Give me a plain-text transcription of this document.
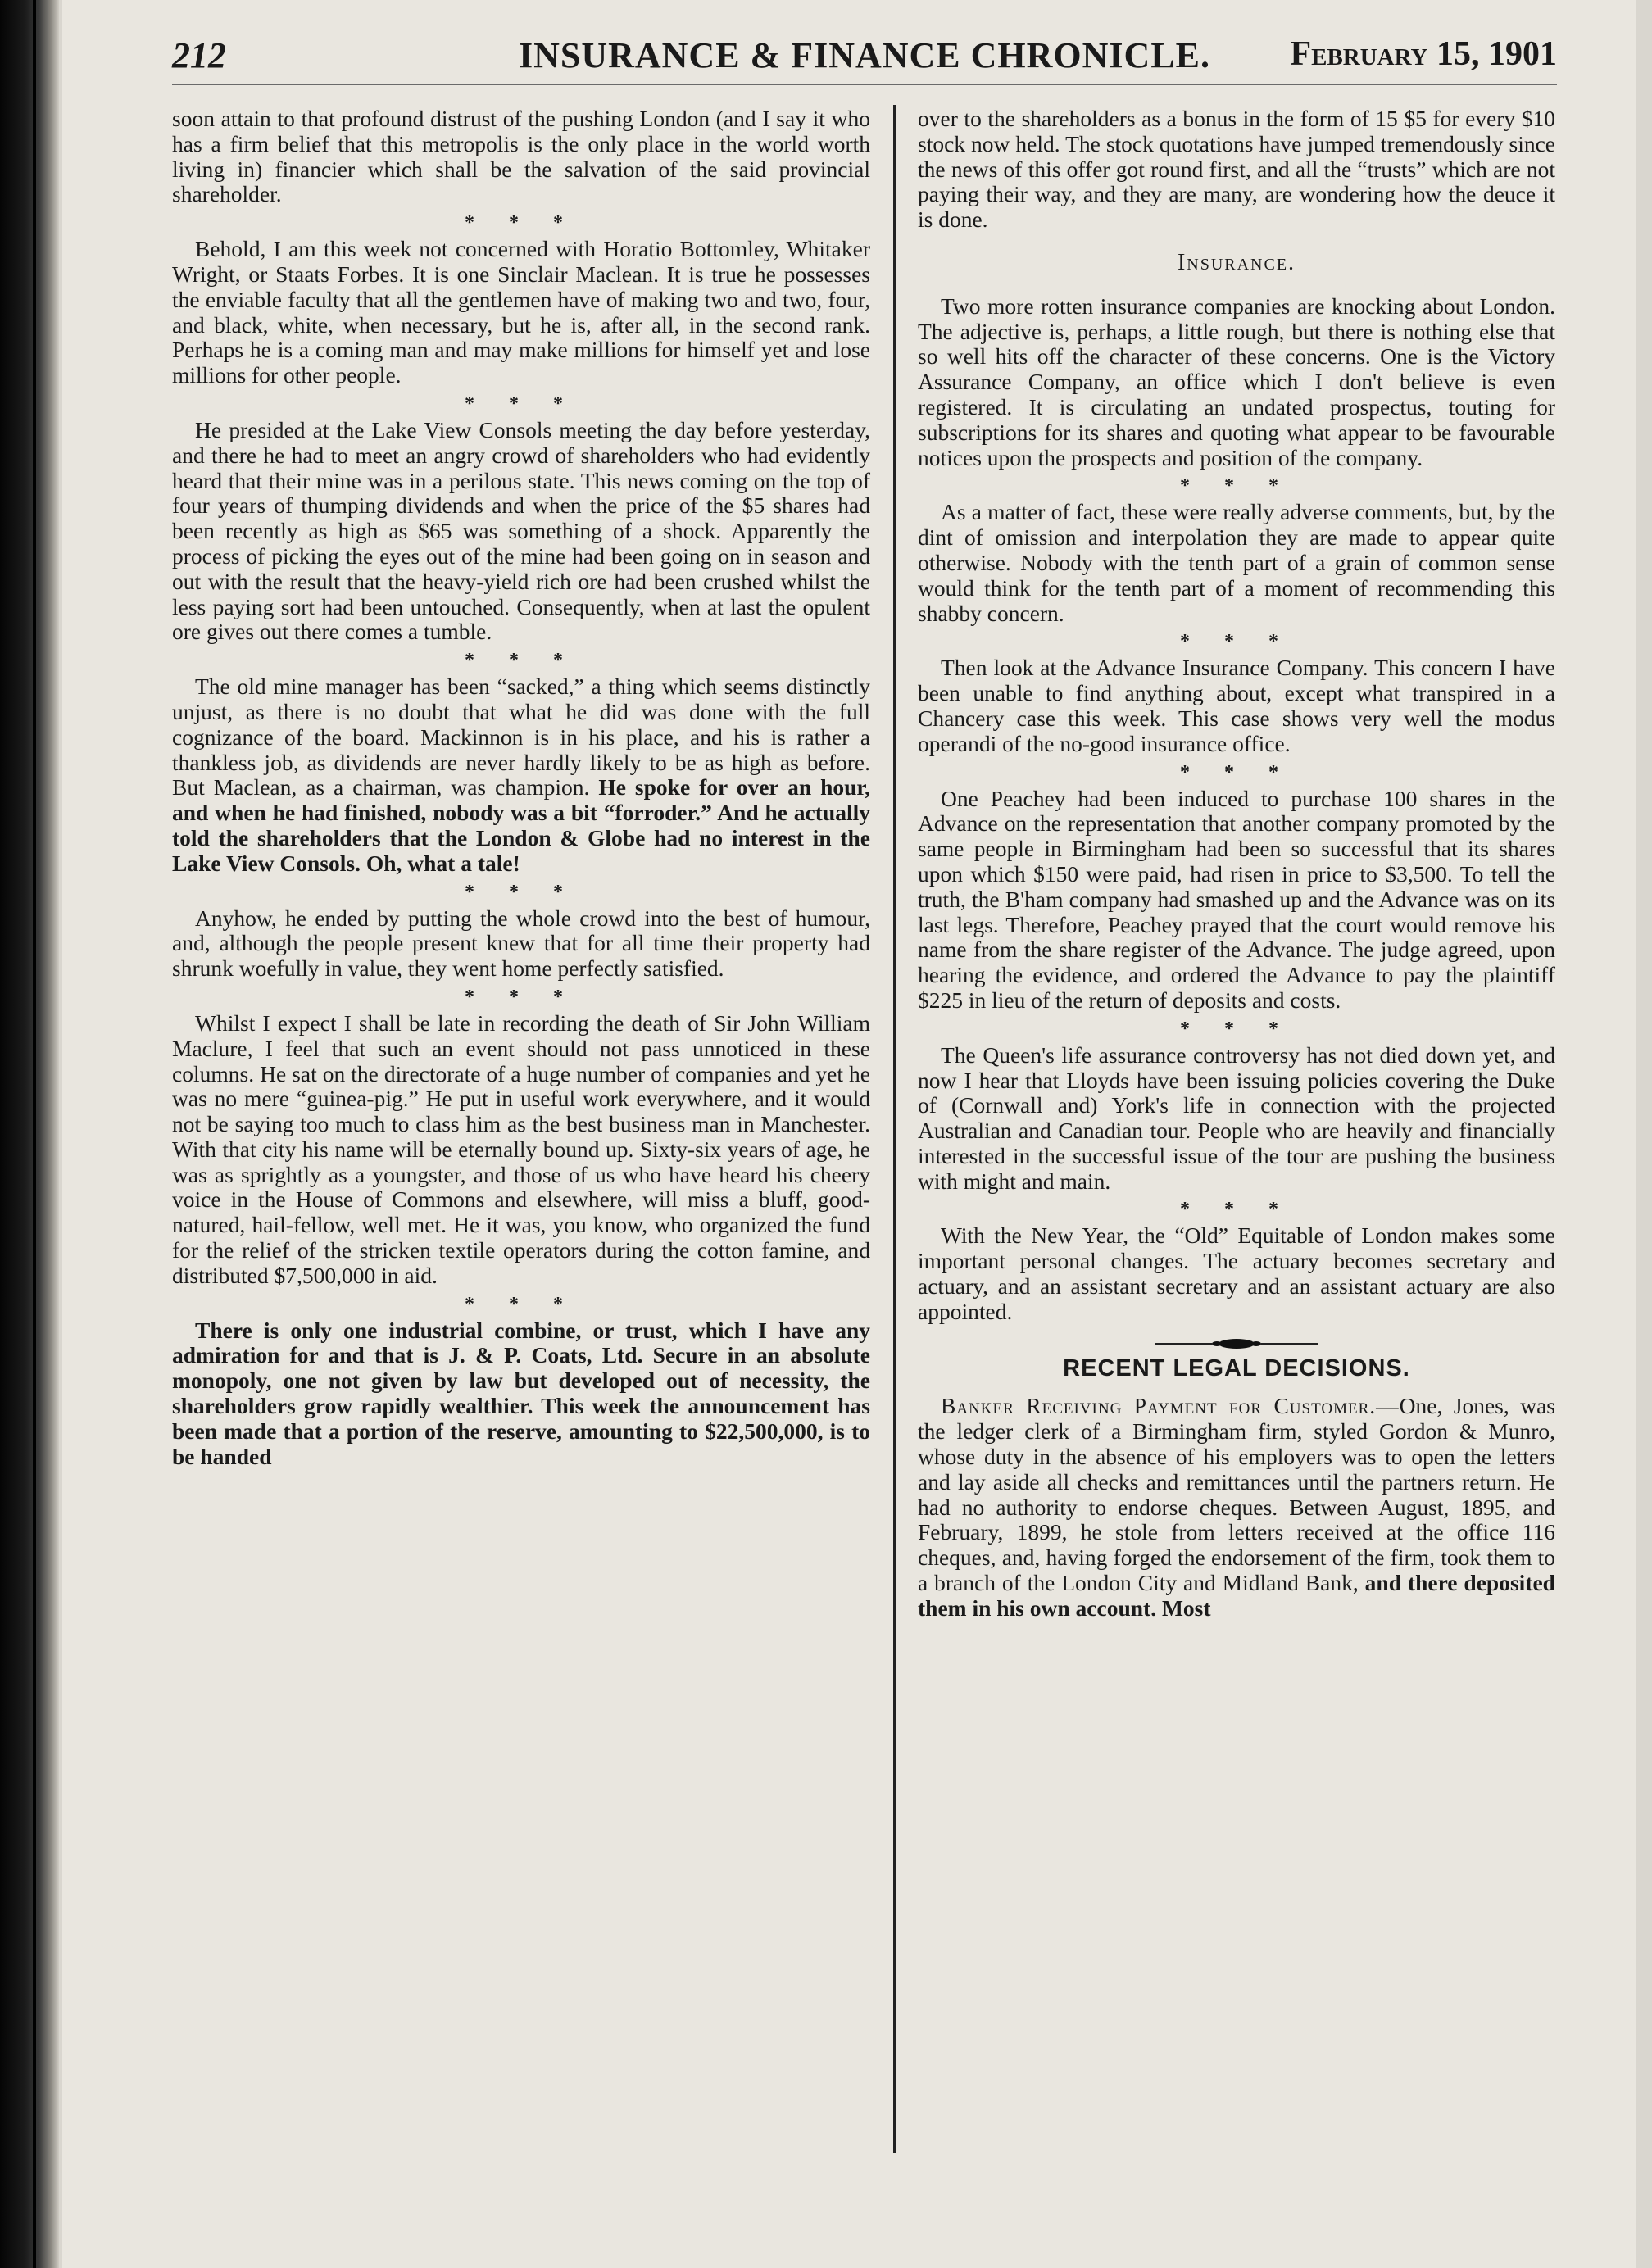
212	INSURANCE & FINANCE CHRONICLE.	February 15, 1901

soon attain to that profound distrust of the pushing London (and I say it who has a firm belief that this metropolis is the only place in the world worth living in) financier which shall be the salvation of the said provincial shareholder.

* * *

Behold, I am this week not concerned with Horatio Bottomley, Whitaker Wright, or Staats Forbes. It is one Sinclair Maclean. It is true he possesses the enviable faculty that all the gentlemen have of making two and two, four, and black, white, when necessary, but he is, after all, in the second rank. Perhaps he is a coming man and may make millions for himself yet and lose millions for other people.

* * *

He presided at the Lake View Consols meeting the day before yesterday, and there he had to meet an angry crowd of shareholders who had evidently heard that their mine was in a perilous state. This news coming on the top of four years of thumping dividends and when the price of the $5 shares had been recently as high as $65 was something of a shock. Apparently the process of picking the eyes out of the mine had been going on in season and out with the result that the heavy-yield rich ore had been crushed whilst the less paying sort had been untouched. Consequently, when at last the opulent ore gives out there comes a tumble.

* * *

The old mine manager has been “sacked,” a thing which seems distinctly unjust, as there is no doubt that what he did was done with the full cognizance of the board. Mackinnon is in his place, and his is rather a thankless job, as dividends are never hardly likely to be as high as before. But Maclean, as a chairman, was champion. He spoke for over an hour, and when he had finished, nobody was a bit “forroder.” And he actually told the shareholders that the London & Globe had no interest in the Lake View Consols. Oh, what a tale!

* * *

Anyhow, he ended by putting the whole crowd into the best of humour, and, although the people present knew that for all time their property had shrunk woefully in value, they went home perfectly satisfied.

* * *

Whilst I expect I shall be late in recording the death of Sir John William Maclure, I feel that such an event should not pass unnoticed in these columns. He sat on the directorate of a huge number of companies and yet he was no mere “guinea-pig.” He put in useful work everywhere, and it would not be saying too much to class him as the best business man in Manchester. With that city his name will be eternally bound up. Sixty-six years of age, he was as sprightly as a youngster, and those of us who have heard his cheery voice in the House of Commons and elsewhere, will miss a bluff, good-natured, hail-fellow, well met. He it was, you know, who organized the fund for the relief of the stricken textile operators during the cotton famine, and distributed $7,500,000 in aid.

* * *

There is only one industrial combine, or trust, which I have any admiration for and that is J. & P. Coats, Ltd. Secure in an absolute monopoly, one not given by law but developed out of necessity, the shareholders grow rapidly wealthier. This week the announcement has been made that a portion of the reserve, amounting to $22,500,000, is to be handed

over to the shareholders as a bonus in the form of 15 $5 for every $10 stock now held. The stock quotations have jumped tremendously since the news of this offer got round first, and all the “trusts” which are not paying their way, and they are many, are wondering how the deuce it is done.

Insurance.

Two more rotten insurance companies are knocking about London. The adjective is, perhaps, a little rough, but there is nothing else that so well hits off the character of these concerns. One is the Victory Assurance Company, an office which I don't believe is even registered. It is circulating an undated prospectus, touting for subscriptions for its shares and quoting what appear to be favourable notices upon the prospects and position of the company.

* * *

As a matter of fact, these were really adverse comments, but, by the dint of omission and interpolation they are made to appear quite otherwise. Nobody with the tenth part of a grain of common sense would think for the tenth part of a moment of recommending this shabby concern.

* * *

Then look at the Advance Insurance Company. This concern I have been unable to find anything about, except what transpired in a Chancery case this week. This case shows very well the modus operandi of the no-good insurance office.

* * *

One Peachey had been induced to purchase 100 shares in the Advance on the representation that another company promoted by the same people in Birmingham had been so successful that its shares upon which $150 were paid, had risen in price to $3,500. To tell the truth, the B'ham company had smashed up and the Advance was on its last legs. Therefore, Peachey prayed that the court would remove his name from the share register of the Advance. The judge agreed, upon hearing the evidence, and ordered the Advance to pay the plaintiff $225 in lieu of the return of deposits and costs.

* * *

The Queen's life assurance controversy has not died down yet, and now I hear that Lloyds have been issuing policies covering the Duke of (Cornwall and) York's life in connection with the projected Australian and Canadian tour. People who are heavily and financially interested in the successful issue of the tour are pushing the business with might and main.

* * *

With the New Year, the “Old” Equitable of London makes some important personal changes. The actuary becomes secretary and actuary, and an assistant secretary and an assistant actuary are also appointed.

RECENT LEGAL DECISIONS.

Banker Receiving Payment for Customer.—One, Jones, was the ledger clerk of a Birmingham firm, styled Gordon & Munro, whose duty in the absence of his employers was to open the letters and lay aside all checks and remittances until the partners return. He had no authority to endorse cheques. Between August, 1895, and February, 1899, he stole from letters received at the office 116 cheques, and, having forged the endorsement of the firm, took them to a branch of the London City and Midland Bank, and there deposited them in his own account. Most
